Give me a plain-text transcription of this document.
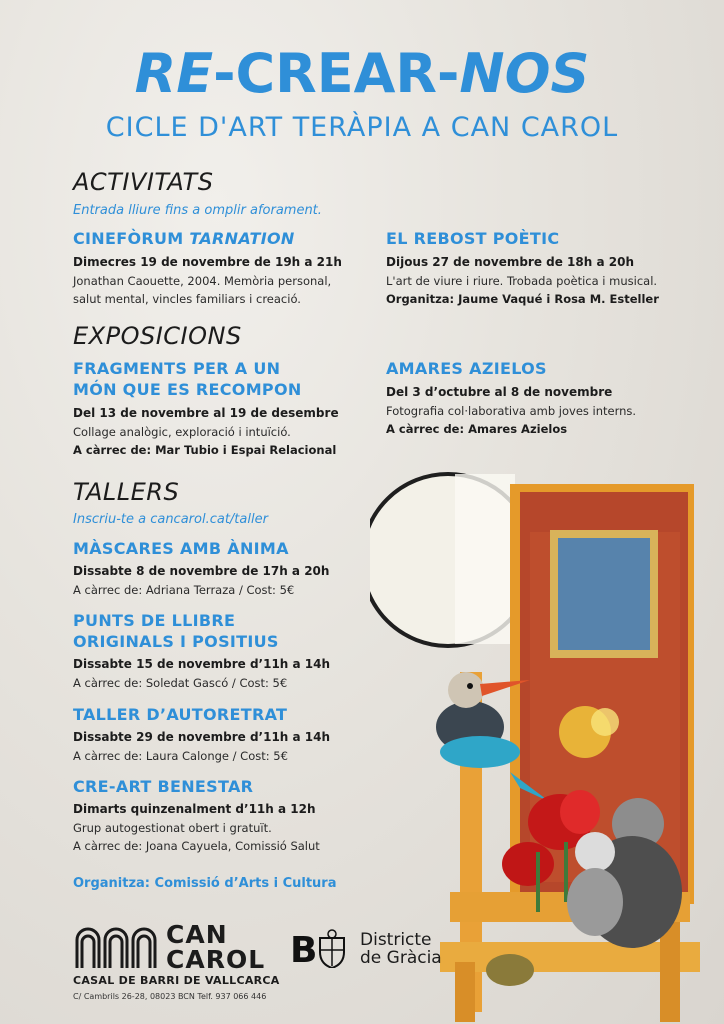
RE-CREAR-NOS
CICLE D'ART TERÀPIA A CAN CAROL
ACTIVITATS
Entrada lliure fins a omplir aforament.
CINEFÒRUM TARNATION
Dimecres 19 de novembre de 19h a 21h
Jonathan Caouette, 2004. Memòria personal,
salut mental, vincles familiars i creació.
EL REBOST POÈTIC
Dijous 27 de novembre de 18h a 20h
L'art de viure i riure. Trobada poètica i musical.
Organitza: Jaume Vaqué i Rosa M. Esteller
EXPOSICIONS
FRAGMENTS PER A UN
MÓN QUE ES RECOMPON
Del 13 de novembre al 19 de desembre
Collage analògic, exploració i intuïció.
A càrrec de: Mar Tubio i Espai Relacional
AMARES AZIELOS
Del 3 d’octubre al 8 de novembre
Fotografia col·laborativa amb joves interns.
A càrrec de: Amares Azielos
TALLERS
Inscriu-te a cancarol.cat/taller
MÀSCARES AMB ÀNIMA
Dissabte 8 de novembre de 17h a 20h
A càrrec de: Adriana Terraza / Cost: 5€
PUNTS DE LLIBRE
ORIGINALS I POSITIUS
Dissabte 15 de novembre d’11h a 14h
A càrrec de: Soledat Gascó / Cost: 5€
TALLER D’AUTORETRAT
Dissabte 29 de novembre d’11h a 14h
A càrrec de: Laura Calonge / Cost: 5€
CRE-ART BENESTAR
Dimarts quinzenalment d’11h a 12h
Grup autogestionat obert i gratuït.
A càrrec de: Joana Cayuela, Comissió Salut
Organitza: Comissió d’Arts i Cultura
CAN
CAROL
CASAL DE BARRI DE VALLCARCA
C/ Cambrils 26-28, 08023 BCN Telf. 937 066 446
B	Districte
de Gràcia
